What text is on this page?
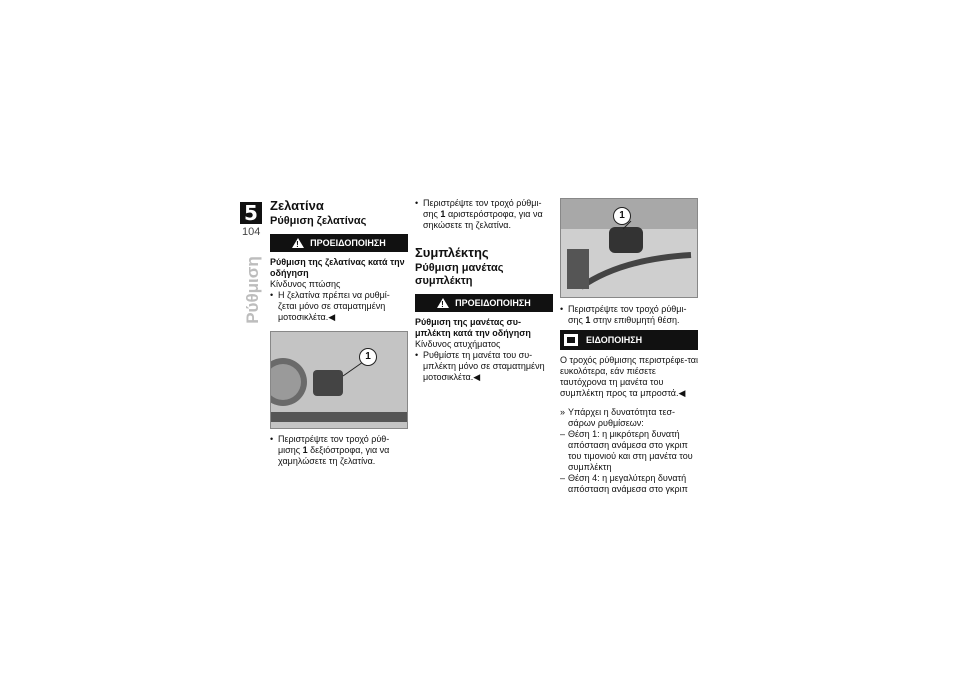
5
104
Ρύθμιση
Ζελατίνα
Ρύθμιση ζελατίνας
!
ΠΡΟΕΙΔΟΠΟΙΗΣΗ

Ρύθμιση της ζελατίνας κατά την οδήγηση

Κίνδυνος πτώσης

• Η ζελατίνα πρέπει να ρυθμί-ζεται μόνο σε σταματημένη μοτοσικλέτα.◀

1

• Περιστρέψτε τον τροχό ρύθ-μισης 1 δεξιόστροφα, για να χαμηλώσετε τη ζελατίνα.

• Περιστρέψτε τον τροχό ρύθμι-σης 1 αριστερόστροφα, για να σηκώσετε τη ζελατίνα.

Συμπλέκτης
Ρύθμιση μανέτας συμπλέκτη
!
ΠΡΟΕΙΔΟΠΟΙΗΣΗ

Ρύθμιση της μανέτας συ-μπλέκτη κατά την οδήγηση

Κίνδυνος ατυχήματος

• Ρυθμίστε τη μανέτα του συ-μπλέκτη μόνο σε σταματημένη μοτοσικλέτα.◀

1

• Περιστρέψτε τον τροχό ρύθμι-σης 1 στην επιθυμητή θέση.

ΕΙΔΟΠΟΙΗΣΗ

Ο τροχός ρύθμισης περιστρέφε-ται ευκολότερα, εάν πιέσετε ταυτόχρονα τη μανέτα του συμπλέκτη προς τα μπροστά.◀

» Υπάρχει η δυνατότητα τεσ-σάρων ρυθμίσεων:

– Θέση 1: η μικρότερη δυνατή απόσταση ανάμεσα στο γκριπ του τιμονιού και στη μανέτα του συμπλέκτη

– Θέση 4: η μεγαλύτερη δυνατή απόσταση ανάμεσα στο γκριπ
